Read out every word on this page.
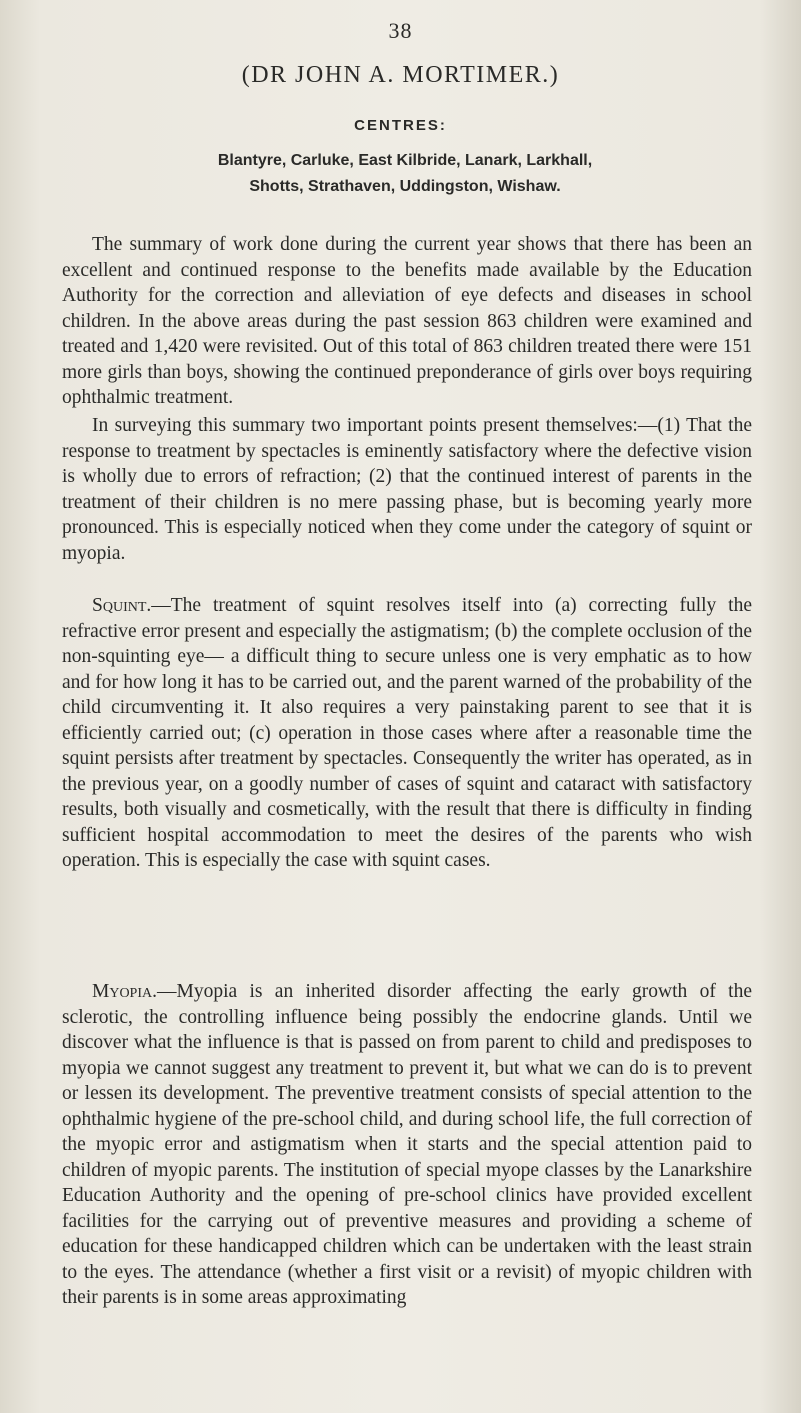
38
(DR JOHN A. MORTIMER.)
CENTRES:
Blantyre, Carluke, East Kilbride, Lanark, Larkhall,
Shotts, Strathaven, Uddingston, Wishaw.

The summary of work done during the current year shows that there has been an excellent and continued response to the benefits made available by the Education Authority for the correction and alleviation of eye defects and diseases in school children. In the above areas during the past session 863 children were examined and treated and 1,420 were revisited. Out of this total of 863 children treated there were 151 more girls than boys, showing the continued preponderance of girls over boys requiring ophthalmic treatment.

In surveying this summary two important points present themselves:—(1) That the response to treatment by spectacles is eminently satisfactory where the defective vision is wholly due to errors of refraction; (2) that the continued interest of parents in the treatment of their children is no mere passing phase, but is becoming yearly more pronounced. This is especially noticed when they come under the category of squint or myopia.

Squint.—The treatment of squint resolves itself into (a) correcting fully the refractive error present and especially the astigmatism; (b) the complete occlusion of the non-squinting eye— a difficult thing to secure unless one is very emphatic as to how and for how long it has to be carried out, and the parent warned of the probability of the child circumventing it. It also requires a very painstaking parent to see that it is efficiently carried out; (c) operation in those cases where after a reasonable time the squint persists after treatment by spectacles. Consequently the writer has operated, as in the previous year, on a goodly number of cases of squint and cataract with satisfactory results, both visually and cosmetically, with the result that there is difficulty in finding sufficient hospital accommodation to meet the desires of the parents who wish operation. This is especially the case with squint cases.

Myopia.—Myopia is an inherited disorder affecting the early growth of the sclerotic, the controlling influence being possibly the endocrine glands. Until we discover what the influence is that is passed on from parent to child and predisposes to myopia we cannot suggest any treatment to prevent it, but what we can do is to prevent or lessen its development. The preventive treatment consists of special attention to the ophthalmic hygiene of the pre-school child, and during school life, the full correction of the myopic error and astigmatism when it starts and the special attention paid to children of myopic parents. The institution of special myope classes by the Lanarkshire Education Authority and the opening of pre-school clinics have provided excellent facilities for the carrying out of preventive measures and providing a scheme of education for these handicapped children which can be undertaken with the least strain to the eyes. The attendance (whether a first visit or a revisit) of myopic children with their parents is in some areas approximating
